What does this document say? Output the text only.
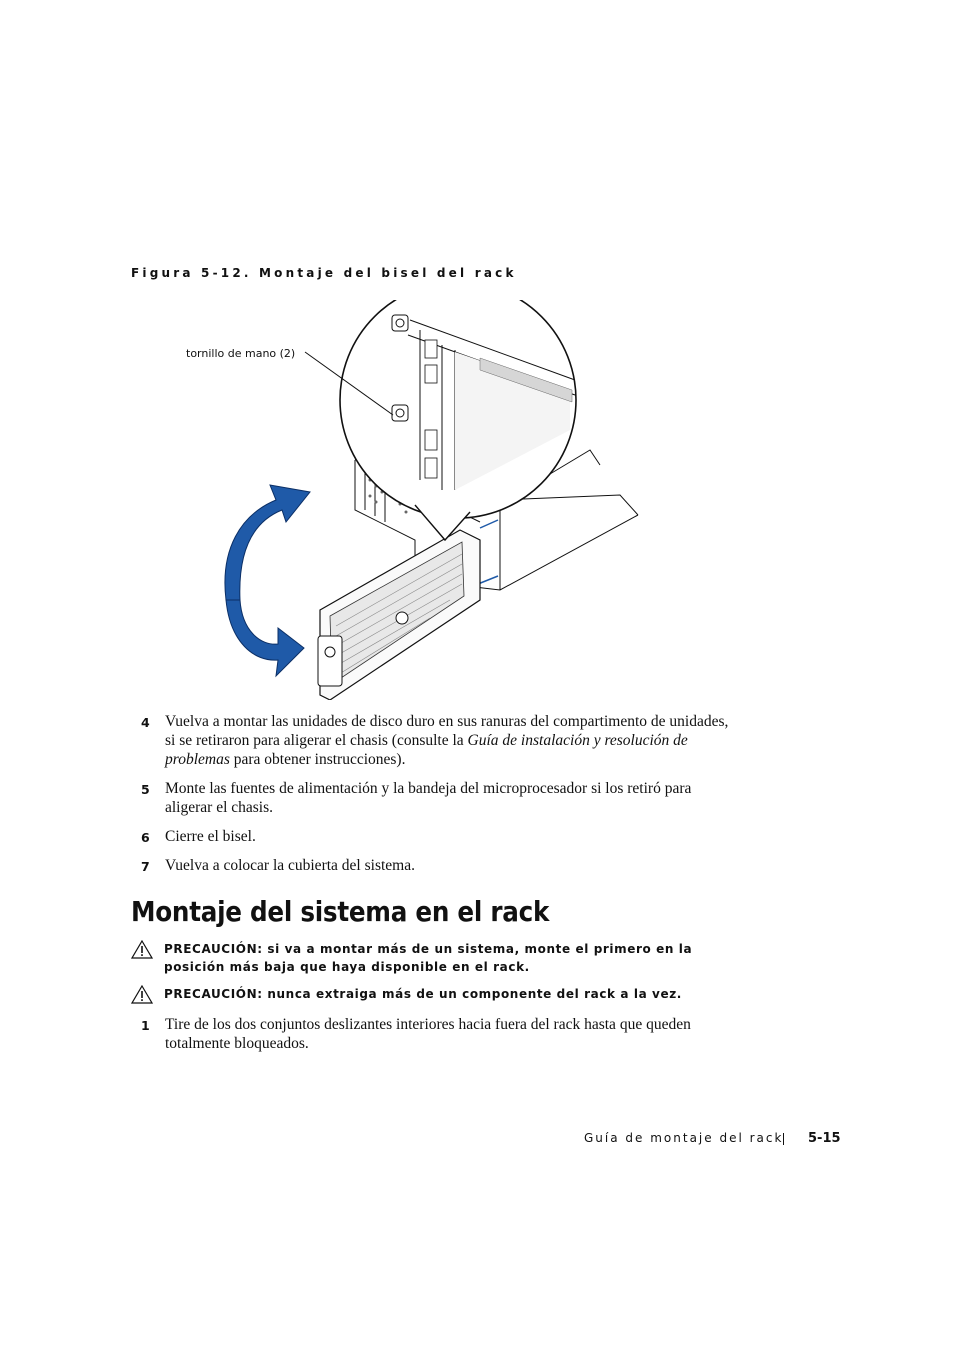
Figura 5-12. Montaje del bisel del rack
tornillo de mano (2)
4 Vuelva a montar las unidades de disco duro en sus ranuras del compartimento de unidades, si se retiraron para aligerar el chasis (consulte la Guía de instalación y resolución de problemas para obtener instrucciones).
5 Monte las fuentes de alimentación y la bandeja del microprocesador si los retiró para aligerar el chasis.
6 Cierre el bisel.
7 Vuelva a colocar la cubierta del sistema.
Montaje del sistema en el rack
PRECAUCIÓN: si va a montar más de un sistema, monte el primero en la posición más baja que haya disponible en el rack.
PRECAUCIÓN: nunca extraiga más de un componente del rack a la vez.
1 Tire de los dos conjuntos deslizantes interiores hacia fuera del rack hasta que queden totalmente bloqueados.
Guía de montaje del rack 5-15
